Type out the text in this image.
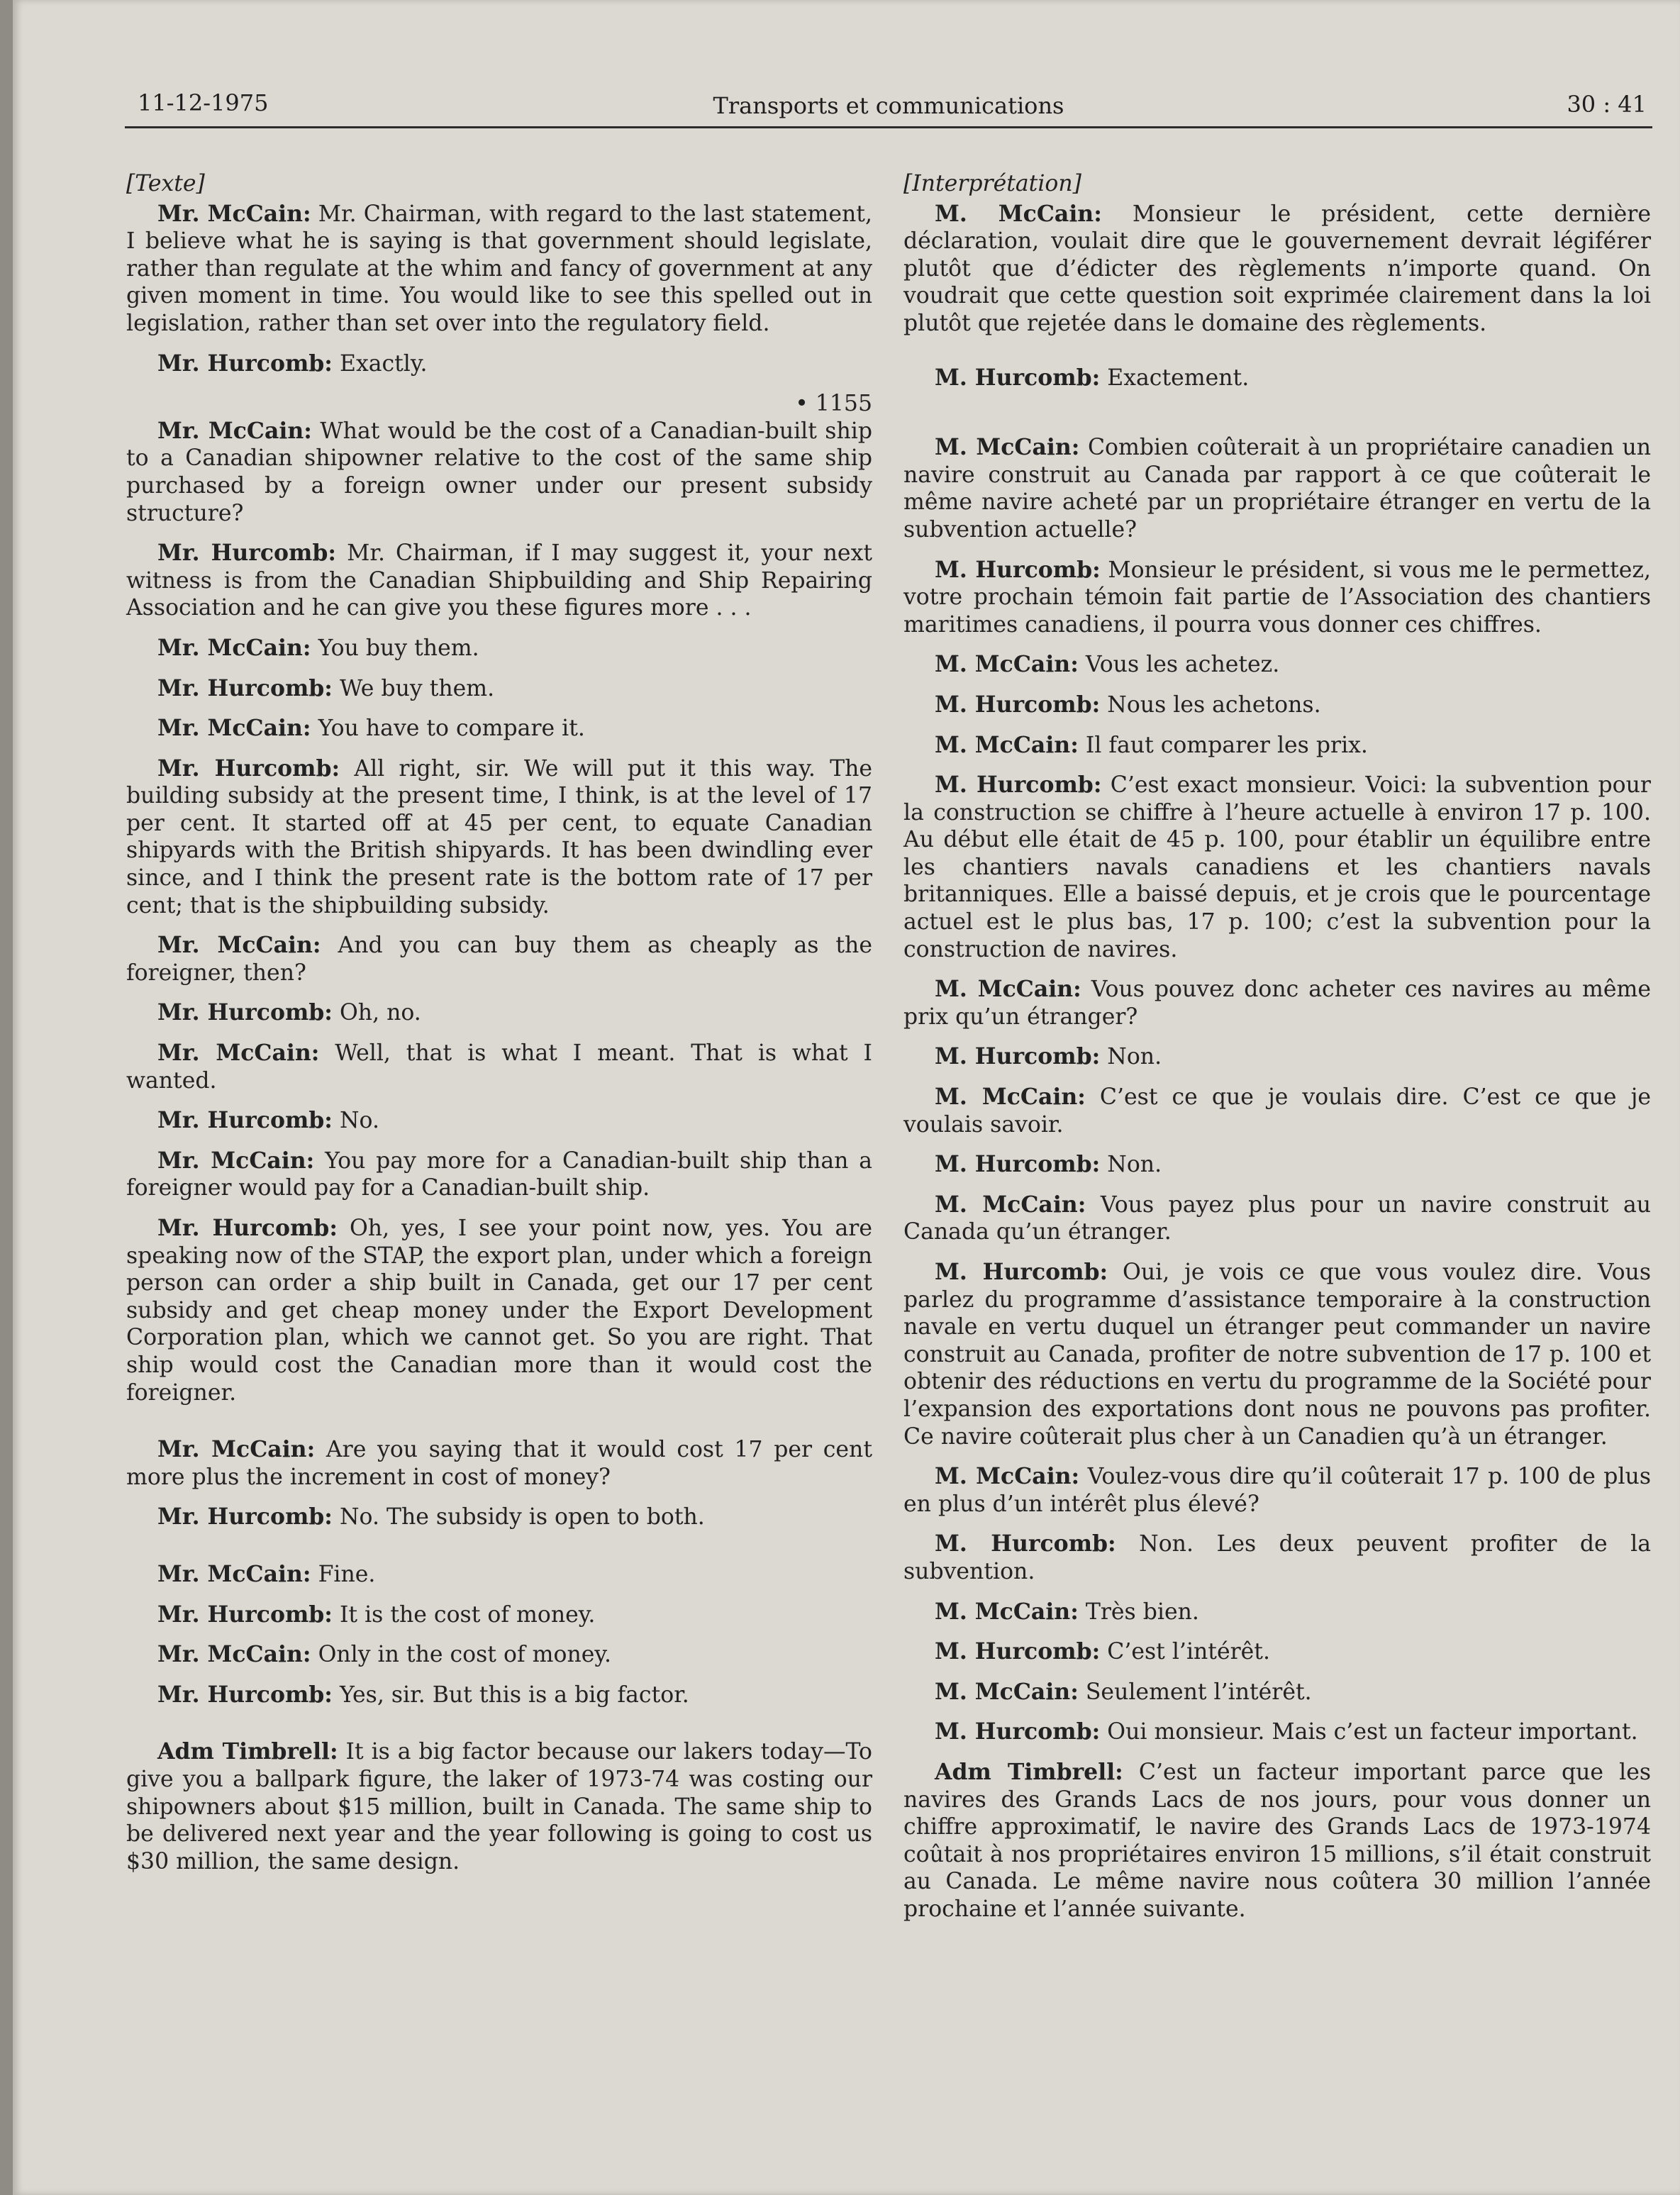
11-12-1975	Transports et communications	30 : 41
[Texte]

Mr. McCain: Mr. Chairman, with regard to the last statement, I believe what he is saying is that government should legislate, rather than regulate at the whim and fancy of government at any given moment in time. You would like to see this spelled out in legislation, rather than set over into the regulatory field.

Mr. Hurcomb: Exactly.

• 1155

Mr. McCain: What would be the cost of a Canadian-built ship to a Canadian shipowner relative to the cost of the same ship purchased by a foreign owner under our present subsidy structure?

Mr. Hurcomb: Mr. Chairman, if I may suggest it, your next witness is from the Canadian Shipbuilding and Ship Repairing Association and he can give you these figures more . . .

Mr. McCain: You buy them.

Mr. Hurcomb: We buy them.

Mr. McCain: You have to compare it.

Mr. Hurcomb: All right, sir. We will put it this way. The building subsidy at the present time, I think, is at the level of 17 per cent. It started off at 45 per cent, to equate Canadian shipyards with the British shipyards. It has been dwindling ever since, and I think the present rate is the bottom rate of 17 per cent; that is the shipbuilding subsidy.

Mr. McCain: And you can buy them as cheaply as the foreigner, then?

Mr. Hurcomb: Oh, no.

Mr. McCain: Well, that is what I meant. That is what I wanted.

Mr. Hurcomb: No.

Mr. McCain: You pay more for a Canadian-built ship than a foreigner would pay for a Canadian-built ship.

Mr. Hurcomb: Oh, yes, I see your point now, yes. You are speaking now of the STAP, the export plan, under which a foreign person can order a ship built in Canada, get our 17 per cent subsidy and get cheap money under the Export Development Corporation plan, which we cannot get. So you are right. That ship would cost the Canadian more than it would cost the foreigner.

Mr. McCain: Are you saying that it would cost 17 per cent more plus the increment in cost of money?

Mr. Hurcomb: No. The subsidy is open to both.

Mr. McCain: Fine.

Mr. Hurcomb: It is the cost of money.

Mr. McCain: Only in the cost of money.

Mr. Hurcomb: Yes, sir. But this is a big factor.

Adm Timbrell: It is a big factor because our lakers today—To give you a ballpark figure, the laker of 1973-74 was costing our shipowners about $15 million, built in Canada. The same ship to be delivered next year and the year following is going to cost us $30 million, the same design.

[Interprétation]

M. McCain: Monsieur le président, cette dernière déclaration, voulait dire que le gouvernement devrait légiférer plutôt que d’édicter des règlements n’importe quand. On voudrait que cette question soit exprimée clairement dans la loi plutôt que rejetée dans le domaine des règlements.

M. Hurcomb: Exactement.

M. McCain: Combien coûterait à un propriétaire canadien un navire construit au Canada par rapport à ce que coûterait le même navire acheté par un propriétaire étranger en vertu de la subvention actuelle?

M. Hurcomb: Monsieur le président, si vous me le permettez, votre prochain témoin fait partie de l’Association des chantiers maritimes canadiens, il pourra vous donner ces chiffres.

M. McCain: Vous les achetez.

M. Hurcomb: Nous les achetons.

M. McCain: Il faut comparer les prix.

M. Hurcomb: C’est exact monsieur. Voici: la subvention pour la construction se chiffre à l’heure actuelle à environ 17 p. 100. Au début elle était de 45 p. 100, pour établir un équilibre entre les chantiers navals canadiens et les chantiers navals britanniques. Elle a baissé depuis, et je crois que le pourcentage actuel est le plus bas, 17 p. 100; c’est la subvention pour la construction de navires.

M. McCain: Vous pouvez donc acheter ces navires au même prix qu’un étranger?

M. Hurcomb: Non.

M. McCain: C’est ce que je voulais dire. C’est ce que je voulais savoir.

M. Hurcomb: Non.

M. McCain: Vous payez plus pour un navire construit au Canada qu’un étranger.

M. Hurcomb: Oui, je vois ce que vous voulez dire. Vous parlez du programme d’assistance temporaire à la construction navale en vertu duquel un étranger peut commander un navire construit au Canada, profiter de notre subvention de 17 p. 100 et obtenir des réductions en vertu du programme de la Société pour l’expansion des exportations dont nous ne pouvons pas profiter. Ce navire coûterait plus cher à un Canadien qu’à un étranger.

M. McCain: Voulez-vous dire qu’il coûterait 17 p. 100 de plus en plus d’un intérêt plus élevé?

M. Hurcomb: Non. Les deux peuvent profiter de la subvention.

M. McCain: Très bien.

M. Hurcomb: C’est l’intérêt.

M. McCain: Seulement l’intérêt.

M. Hurcomb: Oui monsieur. Mais c’est un facteur important.

Adm Timbrell: C’est un facteur important parce que les navires des Grands Lacs de nos jours, pour vous donner un chiffre approximatif, le navire des Grands Lacs de 1973-1974 coûtait à nos propriétaires environ 15 millions, s’il était construit au Canada. Le même navire nous coûtera 30 million l’année prochaine et l’année suivante.
